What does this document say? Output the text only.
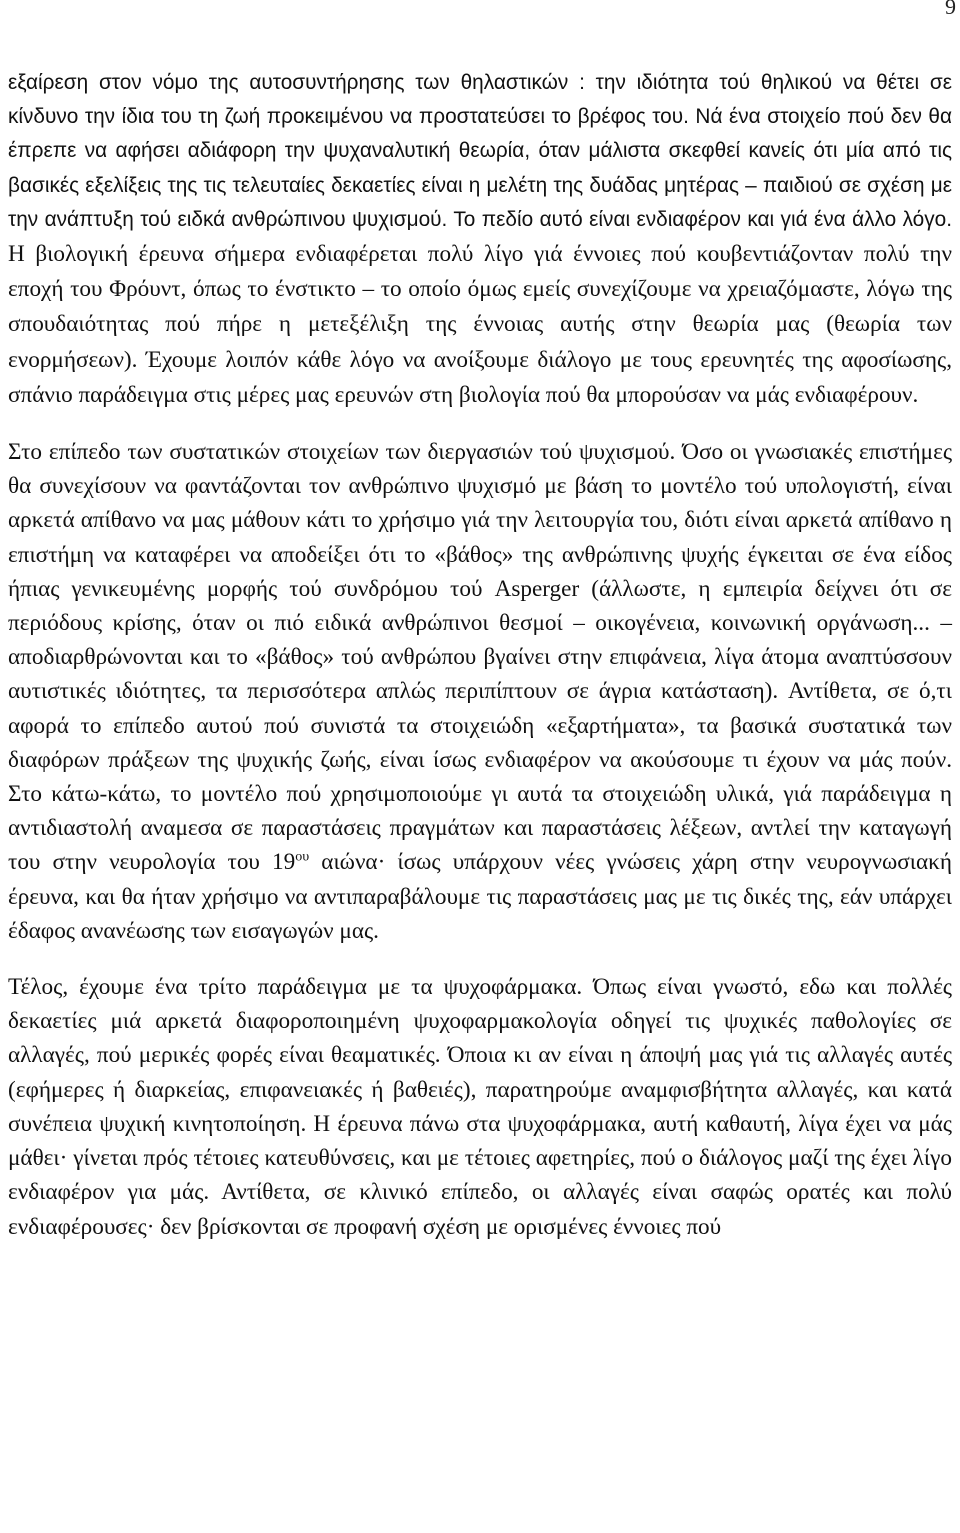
9

εξαίρεση στον νόμο της αυτοσυντήρησης των θηλαστικών : την ιδιότητα τού θηλικού να θέτει σε κίνδυνο την ίδια του τη ζωή προκειμένου να προστατεύσει το βρέφος του. Νά ένα στοιχείο πού δεν θα έπρεπε να αφήσει αδιάφορη την ψυχαναλυτική θεωρία, όταν μάλιστα σκεφθεί κανείς ότι μία από τις βασικές εξελίξεις της τις τελευταίες δεκαετίες είναι η μελέτη της δυάδας μητέρας – παιδιού σε σχέση με την ανάπτυξη τού ειδκά ανθρώπινου ψυχισμού. Το πεδίο αυτό είναι ενδιαφέρον και γιά ένα άλλο λόγο. Η βιολογική έρευνα σήμερα ενδιαφέρεται πολύ λίγο γιά έννοιες πού κουβεντιάζονταν πολύ την εποχή του Φρόυντ, όπως το ένστικτο – το οποίο όμως εμείς συνεχίζουμε να χρειαζόμαστε, λόγω της σπουδαιότητας πού πήρε η μετεξέλιξη της έννοιας αυτής στην θεωρία μας (θεωρία των ενορμήσεων). Έχουμε λοιπόν κάθε λόγο να ανοίξουμε διάλογο με τους ερευνητές της αφοσίωσης, σπάνιο παράδειγμα στις μέρες μας ερευνών στη βιολογία πού θα μπορούσαν να μάς ενδιαφέρουν.

Στο επίπεδο των συστατικών στοιχείων των διεργασιών τού ψυχισμού. Όσο οι γνωσιακές επιστήμες θα συνεχίσουν να φαντάζονται τον ανθρώπινο ψυχισμό με βάση το μοντέλο τού υπολογιστή, είναι αρκετά απίθανο να μας μάθουν κάτι το χρήσιμο γιά την λειτουργία του, διότι είναι αρκετά απίθανο η επιστήμη να καταφέρει να αποδείξει ότι το «βάθος» της ανθρώπινης ψυχής έγκειται σε ένα είδος ήπιας γενικευμένης μορφής τού συνδρόμου τού Asperger (άλλωστε, η εμπειρία δείχνει ότι σε περιόδους κρίσης, όταν οι πιό ειδικά ανθρώπινοι θεσμοί – οικογένεια, κοινωνική οργάνωση... – αποδιαρθρώνονται και το «βάθος» τού ανθρώπου βγαίνει στην επιφάνεια, λίγα άτομα αναπτύσσουν αυτιστικές ιδιότητες, τα περισσότερα απλώς περιπίπτουν σε άγρια κατάσταση). Αντίθετα, σε ό,τι αφορά το επίπεδο αυτού πού συνιστά τα στοιχειώδη «εξαρτήματα», τα βασικά συστατικά των διαφόρων πράξεων της ψυχικής ζωής, είναι ίσως ενδιαφέρον να ακούσουμε τι έχουν να μάς πούν. Στο κάτω-κάτω, το μοντέλο πού χρησιμοποιούμε γι αυτά τα στοιχειώδη υλικά, γιά παράδειγμα η αντιδιαστολή αναμεσα σε παραστάσεις πραγμάτων και παραστάσεις λέξεων, αντλεί την καταγωγή του στην νευρολογία του $19^{o\upsilon}$ αιώνα· ίσως υπάρχουν νέες γνώσεις χάρη στην νευρογνωσιακή έρευνα, και θα ήταν χρήσιμο να αντιπαραβάλουμε τις παραστάσεις μας με τις δικές της, εάν υπάρχει έδαφος ανανέωσης των εισαγωγών μας.

Τέλος, έχουμε ένα τρίτο παράδειγμα με τα ψυχοφάρμακα. Όπως είναι γνωστό, εδω και πολλές δεκαετίες μιά αρκετά διαφοροποιημένη ψυχοφαρμακολογία οδηγεί τις ψυχικές παθολογίες σε αλλαγές, πού μερικές φορές είναι θεαματικές. Όποια κι αν είναι η άποψή μας γιά τις αλλαγές αυτές (εφήμερες ή διαρκείας, επιφανειακές ή βαθειές), παρατηρούμε αναμφισβήτητα αλλαγές, και κατά συνέπεια ψυχική κινητοποίηση. Η έρευνα πάνω στα ψυχοφάρμακα, αυτή καθαυτή, λίγα έχει να μάς μάθει· γίνεται πρός τέτοιες κατευθύνσεις, και με τέτοιες αφετηρίες, πού ο διάλογος μαζί της έχει λίγο ενδιαφέρον για μάς. Αντίθετα, σε κλινικό επίπεδο, οι αλλαγές είναι σαφώς ορατές και πολύ ενδιαφέρουσες· δεν βρίσκονται σε προφανή σχέση με ορισμένες έννοιες πού
